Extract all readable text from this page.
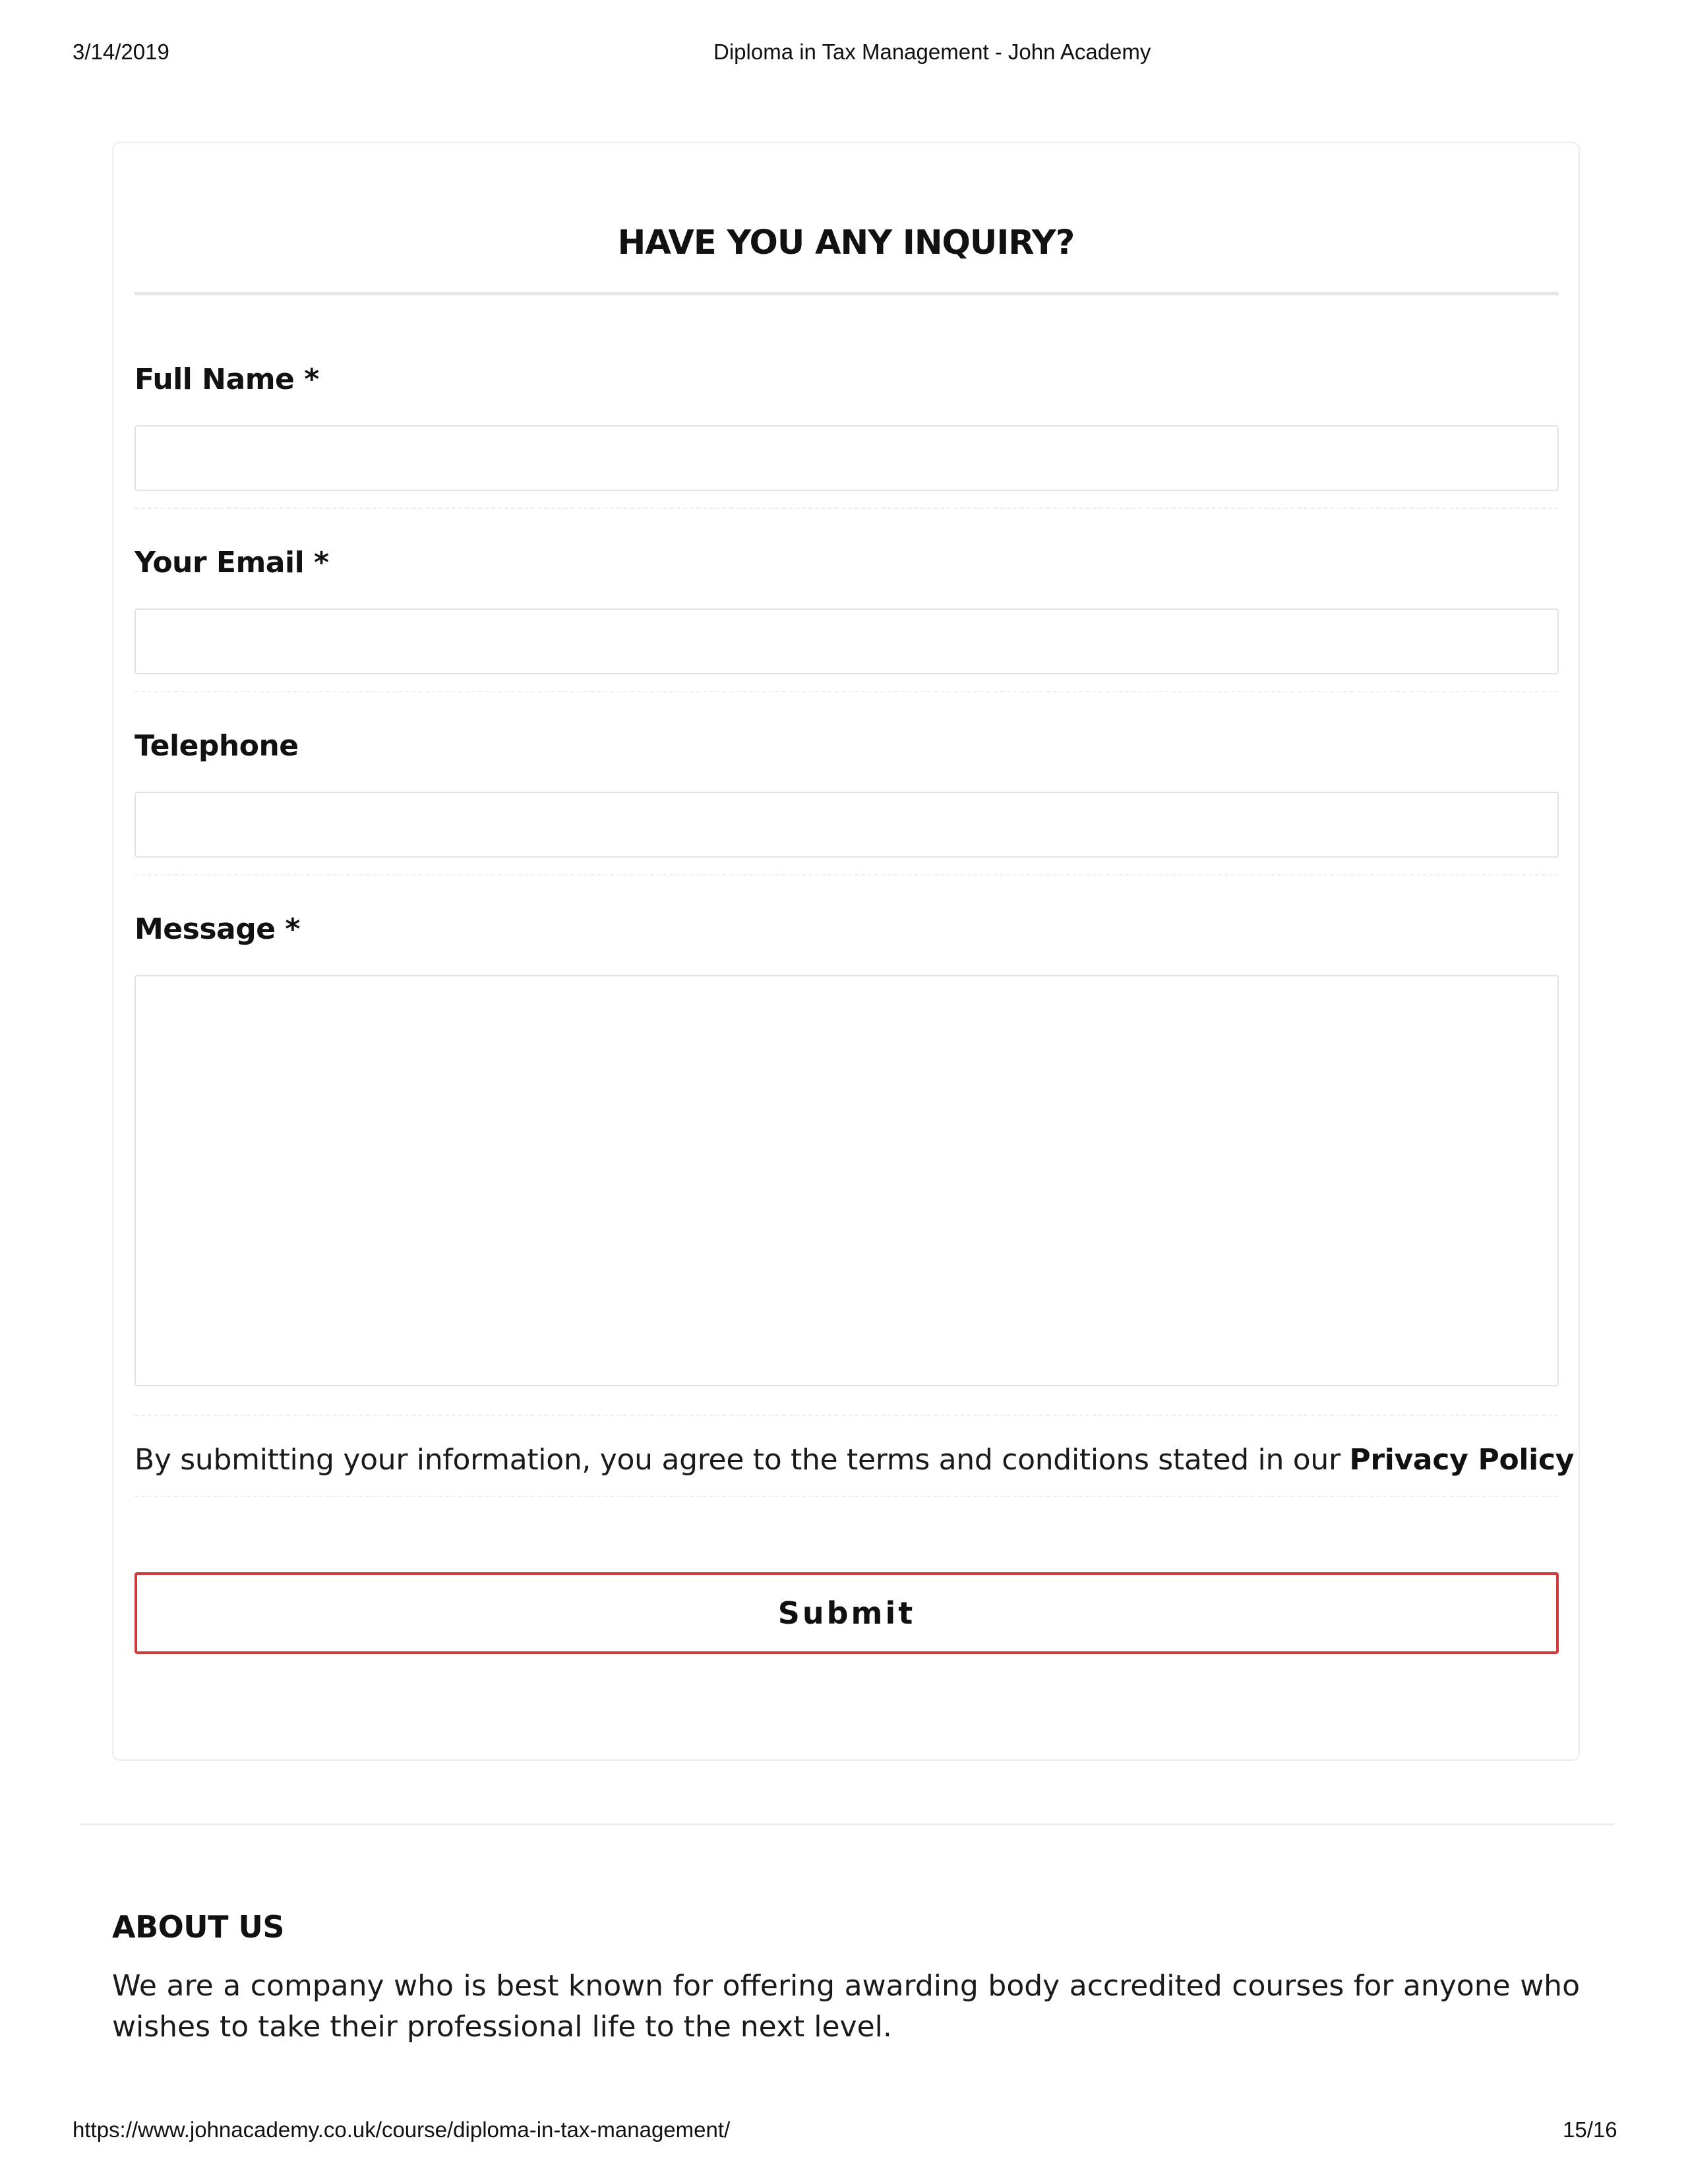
3/14/2019	Diploma in Tax Management - John Academy
HAVE YOU ANY INQUIRY?
Full Name *
Your Email *
Telephone
Message *
By submitting your information, you agree to the terms and conditions stated in our Privacy Policy
Submit
ABOUT US
We are a company who is best known for offering awarding body accredited courses for anyone who wishes to take their professional life to the next level.
https://www.johnacademy.co.uk/course/diploma-in-tax-management/	15/16
